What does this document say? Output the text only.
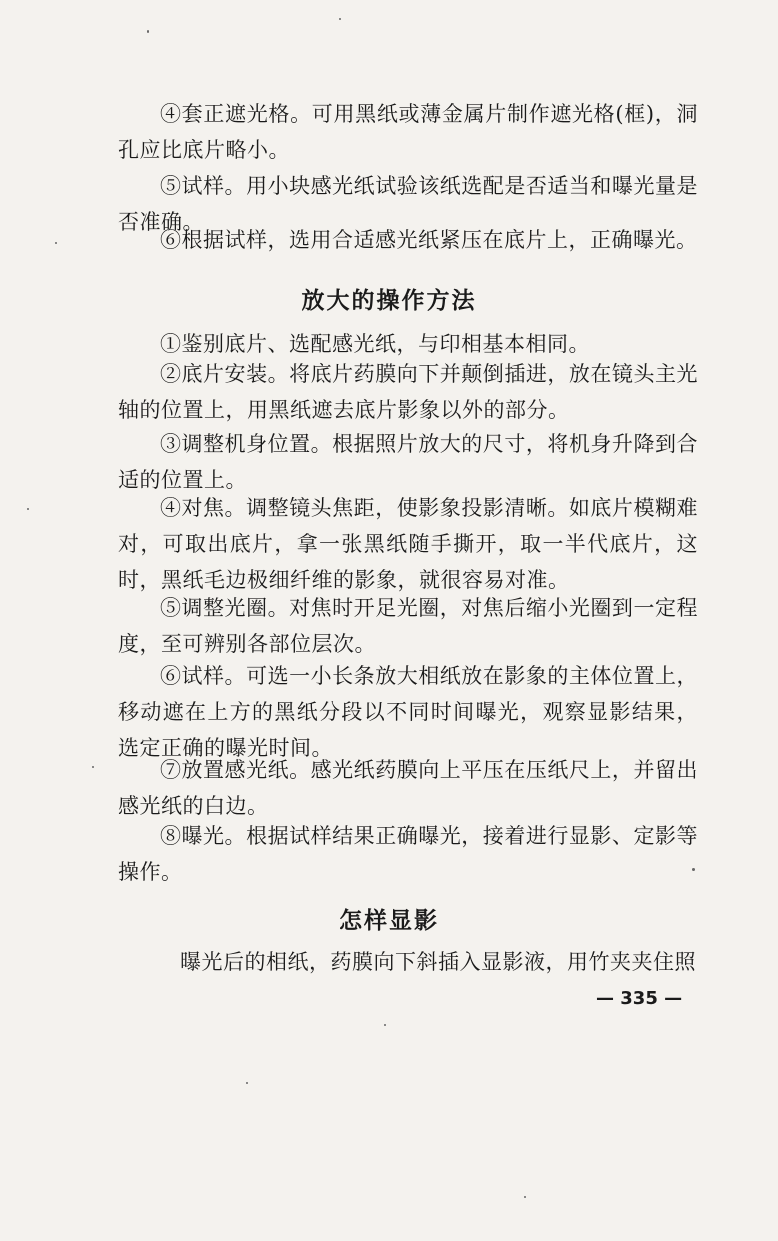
④套正遮光格。可用黑纸或薄金属片制作遮光格(框)，洞孔应比底片略小。

⑤试样。用小块感光纸试验该纸选配是否适当和曝光量是否准确。

⑥根据试样，选用合适感光纸紧压在底片上，正确曝光。

放大的操作方法

①鉴别底片、选配感光纸，与印相基本相同。

②底片安装。将底片药膜向下并颠倒插进，放在镜头主光轴的位置上，用黑纸遮去底片影象以外的部分。

③调整机身位置。根据照片放大的尺寸，将机身升降到合适的位置上。

④对焦。调整镜头焦距，使影象投影清晰。如底片模糊难对，可取出底片，拿一张黑纸随手撕开，取一半代底片，这时，黑纸毛边极细纤维的影象，就很容易对准。

⑤调整光圈。对焦时开足光圈，对焦后缩小光圈到一定程度，至可辨别各部位层次。

⑥试样。可选一小长条放大相纸放在影象的主体位置上，移动遮在上方的黑纸分段以不同时间曝光，观察显影结果，选定正确的曝光时间。

⑦放置感光纸。感光纸药膜向上平压在压纸尺上，并留出感光纸的白边。

⑧曝光。根据试样结果正确曝光，接着进行显影、定影等操作。

怎样显影

曝光后的相纸，药膜向下斜插入显影液，用竹夹夹住照

— 335 —
